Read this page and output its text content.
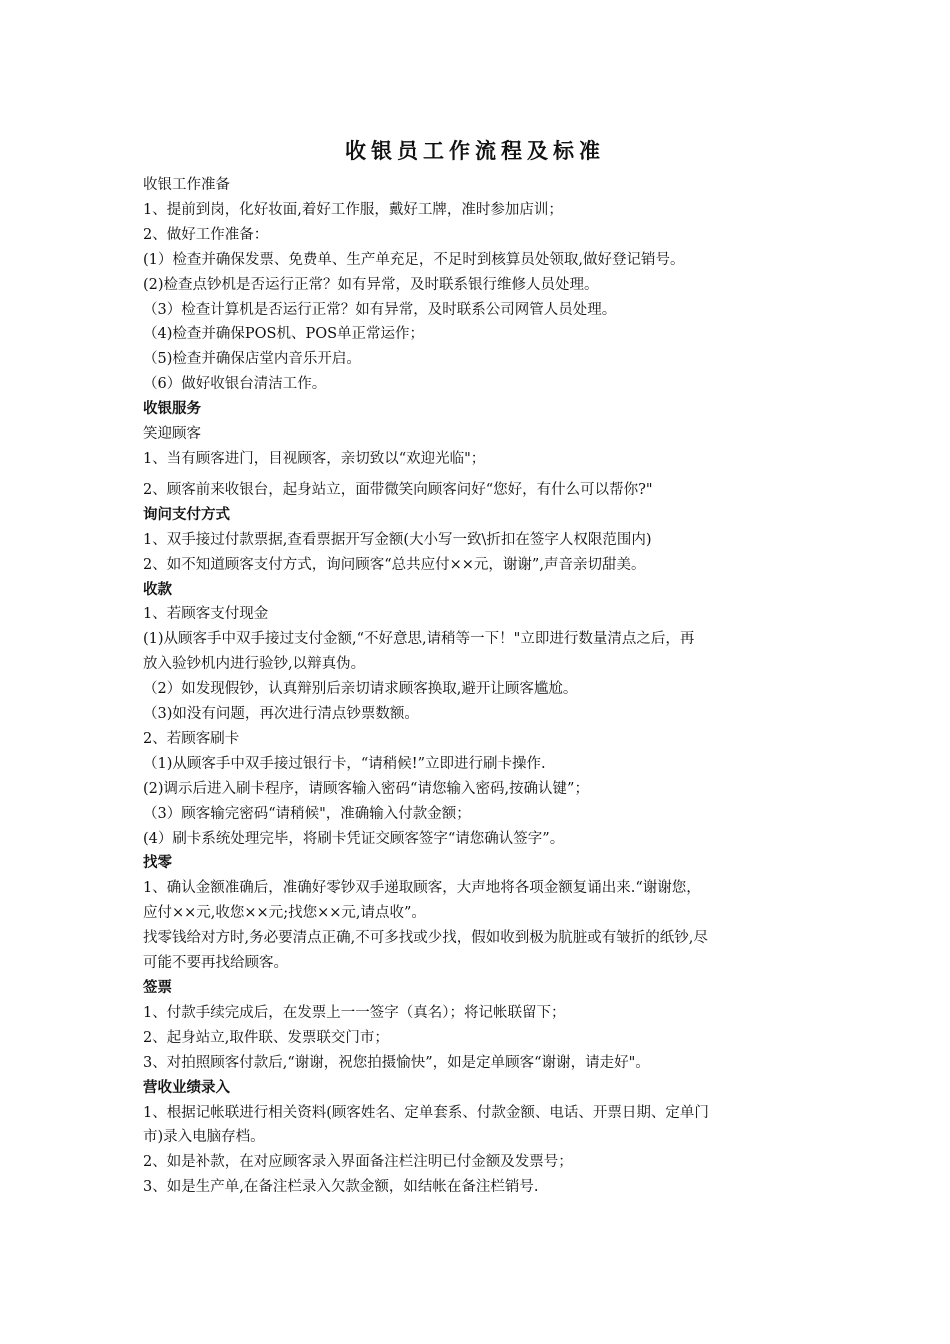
收银员工作流程及标准

收银工作准备

1、提前到岗，化好妆面,着好工作服，戴好工牌，准时参加店训；

2、做好工作准备：

(1）检查并确保发票、免费单、生产单充足，不足时到核算员处领取,做好登记销号。

(2)检查点钞机是否运行正常？如有异常，及时联系银行维修人员处理。

（3）检查计算机是否运行正常？如有异常，及时联系公司网管人员处理。

（4)检查并确保POS机、POS单正常运作；

（5)检查并确保店堂内音乐开启。

（6）做好收银台清洁工作。

收银服务

笑迎顾客

1、当有顾客进门，目视顾客，亲切致以“欢迎光临"；

2、顾客前来收银台，起身站立，面带微笑向顾客问好“您好，有什么可以帮你?"

询问支付方式

1、双手接过付款票据,查看票据开写金额(大小写一致\折扣在签字人权限范围内)

2、如不知道顾客支付方式，询问顾客“总共应付××元，谢谢”,声音亲切甜美。

收款

1、若顾客支付现金

(1)从顾客手中双手接过支付金额,“不好意思,请稍等一下！"立即进行数量清点之后，再

放入验钞机内进行验钞,以辩真伪。

（2）如发现假钞，认真辩别后亲切请求顾客换取,避开让顾客尴尬。

（3)如没有问题，再次进行清点钞票数额。

2、若顾客刷卡

（1)从顾客手中双手接过银行卡，“请稍候!”立即进行刷卡操作.

(2)调示后进入刷卡程序，请顾客输入密码“请您输入密码,按确认键”；

（3）顾客输完密码“请稍候"，准确输入付款金额；

(4）刷卡系统处理完毕，将刷卡凭证交顾客签字“请您确认签字”。

找零

1、确认金额准确后，准确好零钞双手递取顾客，大声地将各项金额复诵出来.“谢谢您，

应付××元,收您××元;找您××元,请点收”。

找零钱给对方时,务必要清点正确,不可多找或少找，假如收到极为肮脏或有皱折的纸钞,尽

可能不要再找给顾客。

签票

1、付款手续完成后，在发票上一一签字（真名）；将记帐联留下；

2、起身站立,取件联、发票联交门市；

3、对拍照顾客付款后,“谢谢，祝您拍摄愉快”，如是定单顾客“谢谢，请走好"。

营收业绩录入

1、根据记帐联进行相关资料(顾客姓名、定单套系、付款金额、电话、开票日期、定单门

市)录入电脑存档。

2、如是补款，在对应顾客录入界面备注栏注明已付金额及发票号；

3、如是生产单,在备注栏录入欠款金额，如结帐在备注栏销号.
